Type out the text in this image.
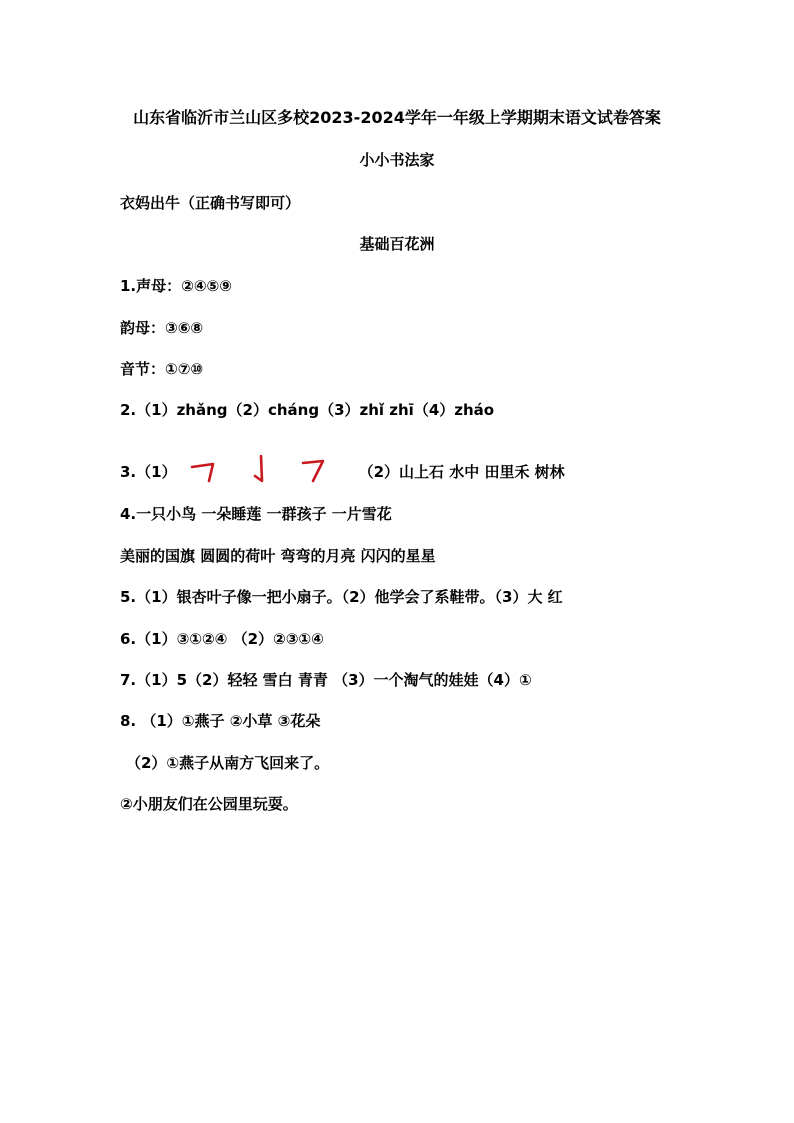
山东省临沂市兰山区多校2023-2024学年一年级上学期期末语文试卷答案
小小书法家
衣妈出牛（正确书写即可）
基础百花洲
1.声母：②④⑤⑨
韵母：③⑥⑧
音节：①⑦⑩
2.（1）zhǎng（2）cháng（3）zhǐ zhī（4）zháo
3.（1）	（2）山上石 水中 田里禾 树林
4.一只小鸟 一朵睡莲 一群孩子 一片雪花
美丽的国旗 圆圆的荷叶 弯弯的月亮 闪闪的星星
5.（1）银杏叶子像一把小扇子。（2）他学会了系鞋带。（3）大 红
6.（1）③①②④ （2）②③①④
7.（1）5（2）轻轻 雪白 青青 （3）一个淘气的娃娃（4）①
8. （1）①燕子 ②小草 ③花朵
（2）①燕子从南方飞回来了。
②小朋友们在公园里玩耍。
